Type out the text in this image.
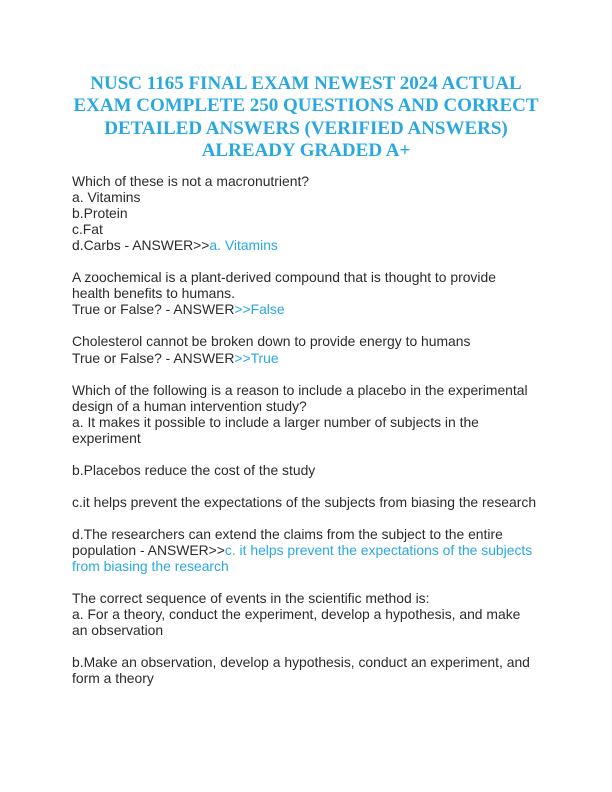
NUSC 1165 FINAL EXAM NEWEST 2024 ACTUAL
EXAM COMPLETE 250 QUESTIONS AND CORRECT
DETAILED ANSWERS (VERIFIED ANSWERS)
ALREADY GRADED A+
Which of these is not a macronutrient?
a. Vitamins
b.Protein
c.Fat
d.Carbs - ANSWER>>a. Vitamins
A zoochemical is a plant-derived compound that is thought to provide
health benefits to humans.
True or False? - ANSWER>>False
Cholesterol cannot be broken down to provide energy to humans
True or False? - ANSWER>>True
Which of the following is a reason to include a placebo in the experimental
design of a human intervention study?
a. It makes it possible to include a larger number of subjects in the
experiment
b.Placebos reduce the cost of the study
c.it helps prevent the expectations of the subjects from biasing the research
d.The researchers can extend the claims from the subject to the entire
population - ANSWER>>c. it helps prevent the expectations of the subjects
from biasing the research
The correct sequence of events in the scientific method is:
a. For a theory, conduct the experiment, develop a hypothesis, and make
an observation
b.Make an observation, develop a hypothesis, conduct an experiment, and
form a theory
